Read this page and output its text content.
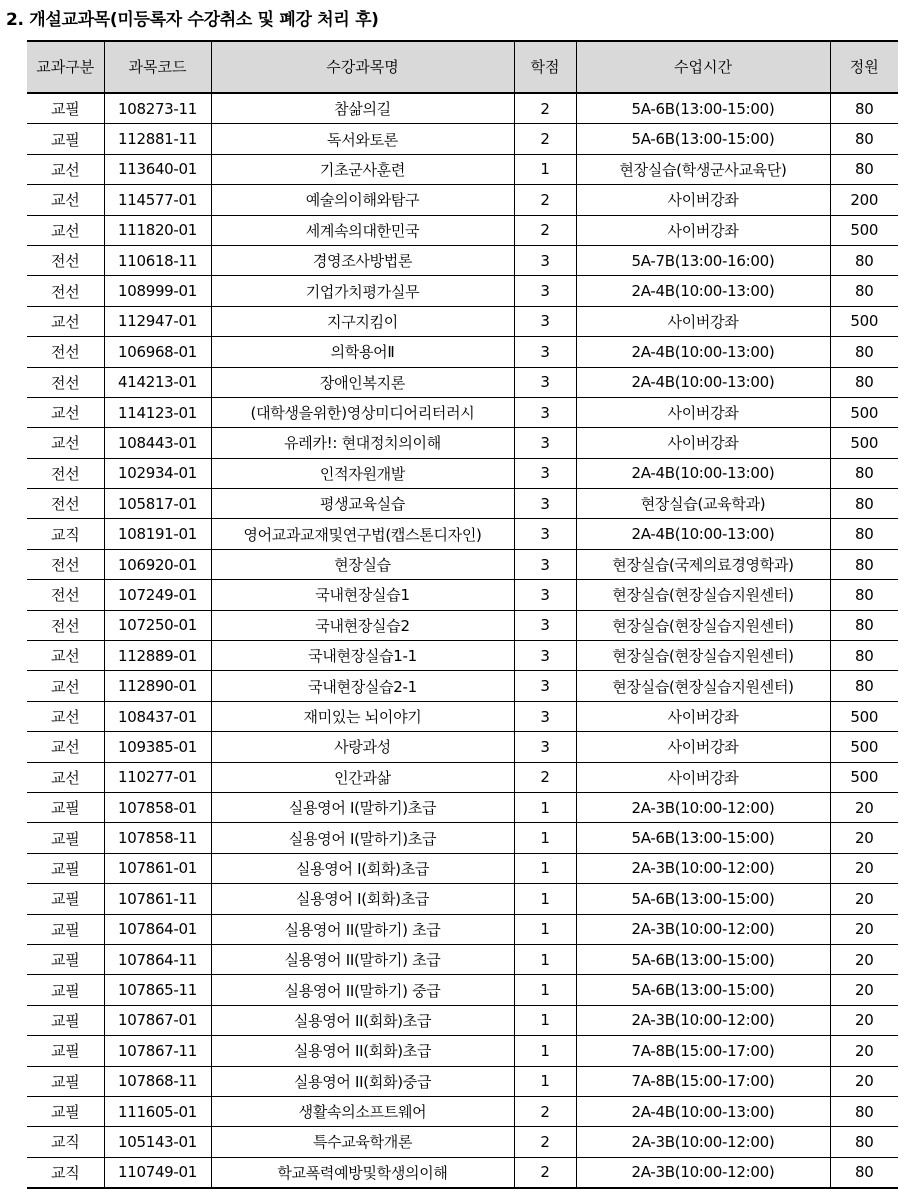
2. 개설교과목(미등록자 수강취소 및 폐강 처리 후)
교과구분	과목코드	수강과목명	학점	수업시간	정원
교필	108273-11	참삶의길	2	5A-6B(13:00-15:00)	80
교필	112881-11	독서와토론	2	5A-6B(13:00-15:00)	80
교선	113640-01	기초군사훈련	1	현장실습(학생군사교육단)	80
교선	114577-01	예술의이해와탐구	2	사이버강좌	200
교선	111820-01	세계속의대한민국	2	사이버강좌	500
전선	110618-11	경영조사방법론	3	5A-7B(13:00-16:00)	80
전선	108999-01	기업가치평가실무	3	2A-4B(10:00-13:00)	80
교선	112947-01	지구지킴이	3	사이버강좌	500
전선	106968-01	의학용어Ⅱ	3	2A-4B(10:00-13:00)	80
전선	414213-01	장애인복지론	3	2A-4B(10:00-13:00)	80
교선	114123-01	(대학생을위한)영상미디어리터러시	3	사이버강좌	500
교선	108443-01	유레카!: 현대정치의이해	3	사이버강좌	500
전선	102934-01	인적자원개발	3	2A-4B(10:00-13:00)	80
전선	105817-01	평생교육실습	3	현장실습(교육학과)	80
교직	108191-01	영어교과교재및연구법(캡스톤디자인)	3	2A-4B(10:00-13:00)	80
전선	106920-01	현장실습	3	현장실습(국제의료경영학과)	80
전선	107249-01	국내현장실습1	3	현장실습(현장실습지원센터)	80
전선	107250-01	국내현장실습2	3	현장실습(현장실습지원센터)	80
교선	112889-01	국내현장실습1-1	3	현장실습(현장실습지원센터)	80
교선	112890-01	국내현장실습2-1	3	현장실습(현장실습지원센터)	80
교선	108437-01	재미있는 뇌이야기	3	사이버강좌	500
교선	109385-01	사랑과성	3	사이버강좌	500
교선	110277-01	인간과삶	2	사이버강좌	500
교필	107858-01	실용영어 I(말하기)초급	1	2A-3B(10:00-12:00)	20
교필	107858-11	실용영어 I(말하기)초급	1	5A-6B(13:00-15:00)	20
교필	107861-01	실용영어 I(회화)초급	1	2A-3B(10:00-12:00)	20
교필	107861-11	실용영어 I(회화)초급	1	5A-6B(13:00-15:00)	20
교필	107864-01	실용영어 II(말하기) 초급	1	2A-3B(10:00-12:00)	20
교필	107864-11	실용영어 II(말하기) 초급	1	5A-6B(13:00-15:00)	20
교필	107865-11	실용영어 II(말하기) 중급	1	5A-6B(13:00-15:00)	20
교필	107867-01	실용영어 II(회화)초급	1	2A-3B(10:00-12:00)	20
교필	107867-11	실용영어 II(회화)초급	1	7A-8B(15:00-17:00)	20
교필	107868-11	실용영어 II(회화)중급	1	7A-8B(15:00-17:00)	20
교필	111605-01	생활속의소프트웨어	2	2A-4B(10:00-13:00)	80
교직	105143-01	특수교육학개론	2	2A-3B(10:00-12:00)	80
교직	110749-01	학교폭력예방및학생의이해	2	2A-3B(10:00-12:00)	80
